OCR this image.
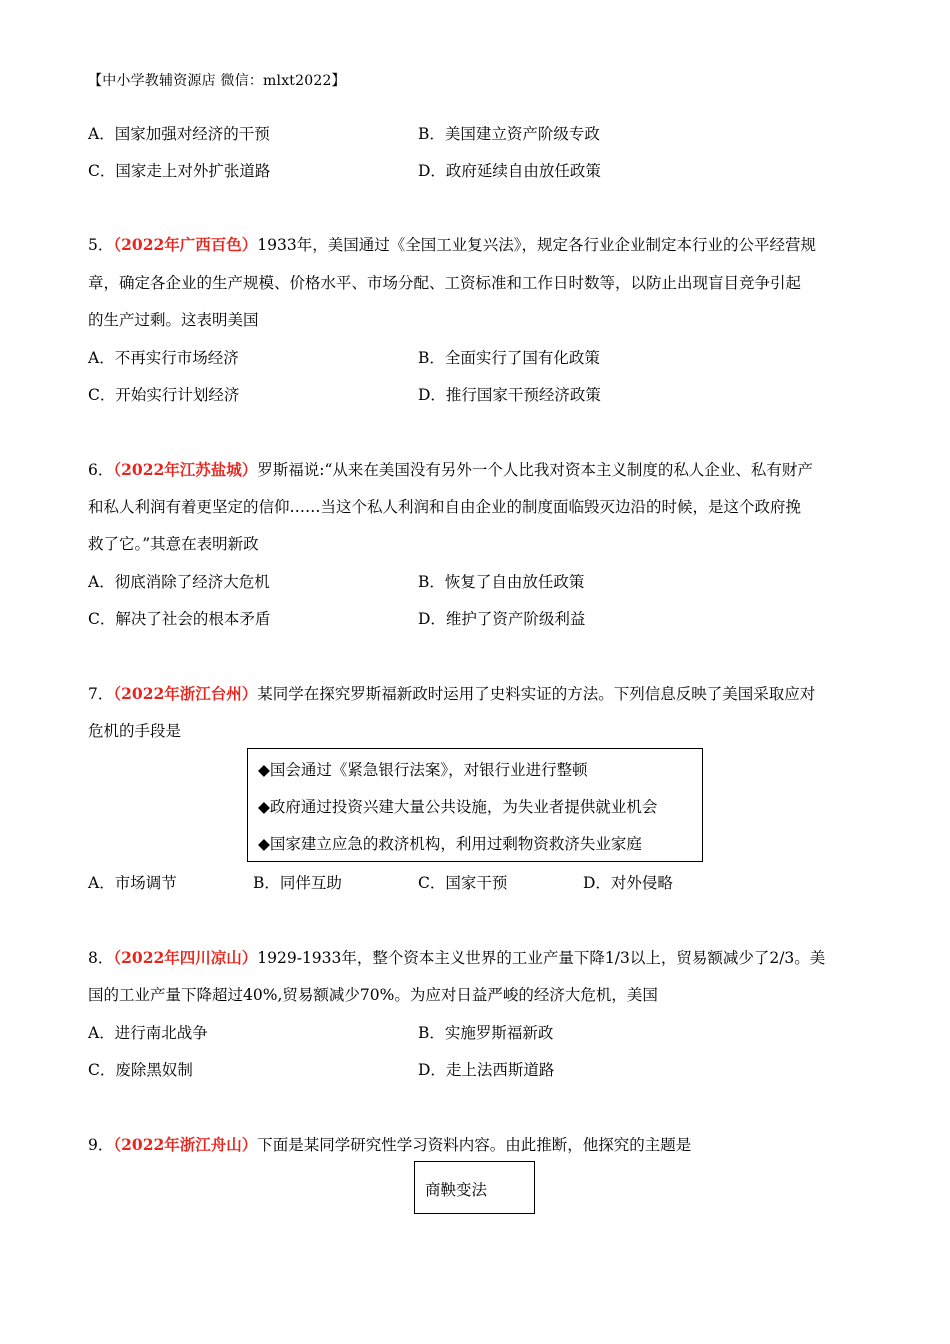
【中小学教辅资源店 微信：mlxt2022】
A．国家加强对经济的干预	B．美国建立资产阶级专政
C．国家走上对外扩张道路	D．政府延续自由放任政策
5．（2022年广西百色）1933年，美国通过《全国工业复兴法》，规定各行业企业制定本行业的公平经营规
章，确定各企业的生产规模、价格水平、市场分配、工资标准和工作日时数等，以防止出现盲目竞争引起
的生产过剩。这表明美国
A．不再实行市场经济	B．全面实行了国有化政策
C．开始实行计划经济	D．推行国家干预经济政策
6．（2022年江苏盐城）罗斯福说:“从来在美国没有另外一个人比我对资本主义制度的私人企业、私有财产
和私人利润有着更坚定的信仰……当这个私人利润和自由企业的制度面临毁灭边沿的时候，是这个政府挽
救了它。”其意在表明新政
A．彻底消除了经济大危机	B．恢复了自由放任政策
C．解决了社会的根本矛盾	D．维护了资产阶级利益
7．（2022年浙江台州）某同学在探究罗斯福新政时运用了史料实证的方法。下列信息反映了美国采取应对
危机的手段是
◆国会通过《紧急银行法案》，对银行业进行整顿
◆政府通过投资兴建大量公共设施，为失业者提供就业机会
◆国家建立应急的救济机构，利用过剩物资救济失业家庭
A．市场调节	B．同伴互助	C．国家干预	D．对外侵略
8．（2022年四川凉山）1929-1933年，整个资本主义世界的工业产量下降1/3以上，贸易额减少了2/3。美
国的工业产量下降超过40%,贸易额减少70%。为应对日益严峻的经济大危机，美国
A．进行南北战争	B．实施罗斯福新政
C．废除黑奴制	D．走上法西斯道路
9．（2022年浙江舟山）下面是某同学研究性学习资料内容。由此推断，他探究的主题是
商鞅变法
